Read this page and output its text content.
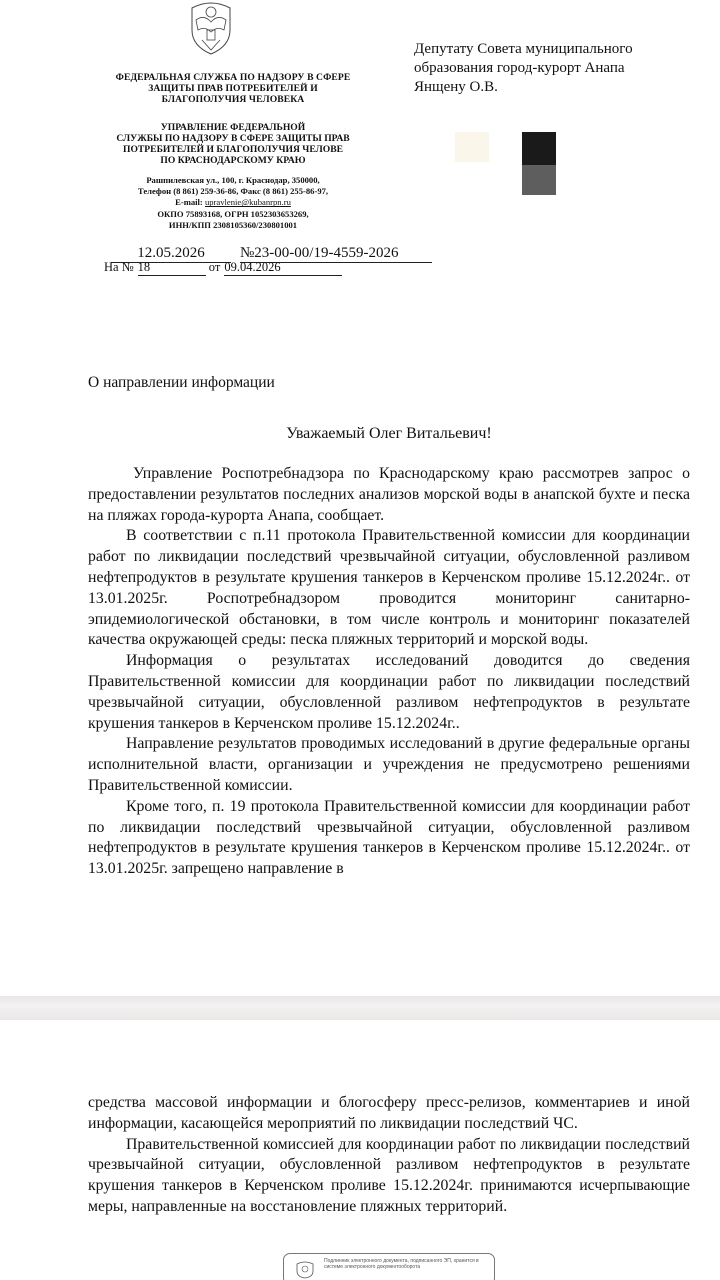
ФЕДЕРАЛЬНАЯ СЛУЖБА ПО НАДЗОРУ В СФЕРЕ
ЗАЩИТЫ ПРАВ ПОТРЕБИТЕЛЕЙ И
БЛАГОПОЛУЧИЯ ЧЕЛОВЕКА
УПРАВЛЕНИЕ ФЕДЕРАЛЬНОЙ
СЛУЖБЫ ПО НАДЗОРУ В СФЕРЕ ЗАЩИТЫ ПРАВ
ПОТРЕБИТЕЛЕЙ И БЛАГОПОЛУЧИЯ ЧЕЛОВЕ
ПО КРАСНОДАРСКОМУ КРАЮ
Рашпилевская ул., 100, г. Краснодар, 350000,
Телефон (8 861) 259-36-86, Факс (8 861) 255-86-97,
E-mail: upravlenie@kubanrpn.ru
ОКПО 75893168, ОГРН 1052303653269,
ИНН/КПП 2308105360/230801001
12.05.2026	№23-00-00/19-4559-2026
На № 18	от 09.04.2026
Депутату Совета муниципального
образования город-курорт Анапа
Янщену О.В.
О направлении информации
Уважаемый Олег Витальевич!

Управление Роспотребнадзора по Краснодарскому краю рассмотрев запрос о предоставлении результатов последних анализов морской воды в анапской бухте и песка на пляжах города-курорта Анапа, сообщает.

В соответствии с п.11 протокола Правительственной комиссии для координации работ по ликвидации последствий чрезвычайной ситуации, обусловленной разливом нефтепродуктов в результате крушения танкеров в Керченском проливе 15.12.2024г.. от 13.01.2025г. Роспотребнадзором проводится мониторинг санитарно-эпидемиологической обстановки, в том числе контроль и мониторинг показателей качества окружающей среды: песка пляжных территорий и морской воды.

Информация о результатах исследований доводится до сведения Правительственной комиссии для координации работ по ликвидации последствий чрезвычайной ситуации, обусловленной разливом нефтепродуктов в результате крушения танкеров в Керченском проливе 15.12.2024г..

Направление результатов проводимых исследований в другие федеральные органы исполнительной власти, организации и учреждения не предусмотрено решениями Правительственной комиссии.

Кроме того, п. 19 протокола Правительственной комиссии для координации работ по ликвидации последствий чрезвычайной ситуации, обусловленной разливом нефтепродуктов в результате крушения танкеров в Керченском проливе 15.12.2024г.. от 13.01.2025г. запрещено направление в

средства массовой информации и блогосферу пресс-релизов, комментариев и иной информации, касающейся мероприятий по ликвидации последствий ЧС.

Правительственной комиссией для координации работ по ликвидации последствий чрезвычайной ситуации, обусловленной разливом нефтепродуктов в результате крушения танкеров в Керченском проливе 15.12.2024г. принимаются исчерпывающие меры, направленные на восстановление пляжных территорий.

Подлинник электронного документа, подписанного ЭП, хранится в системе электронного документооборота
